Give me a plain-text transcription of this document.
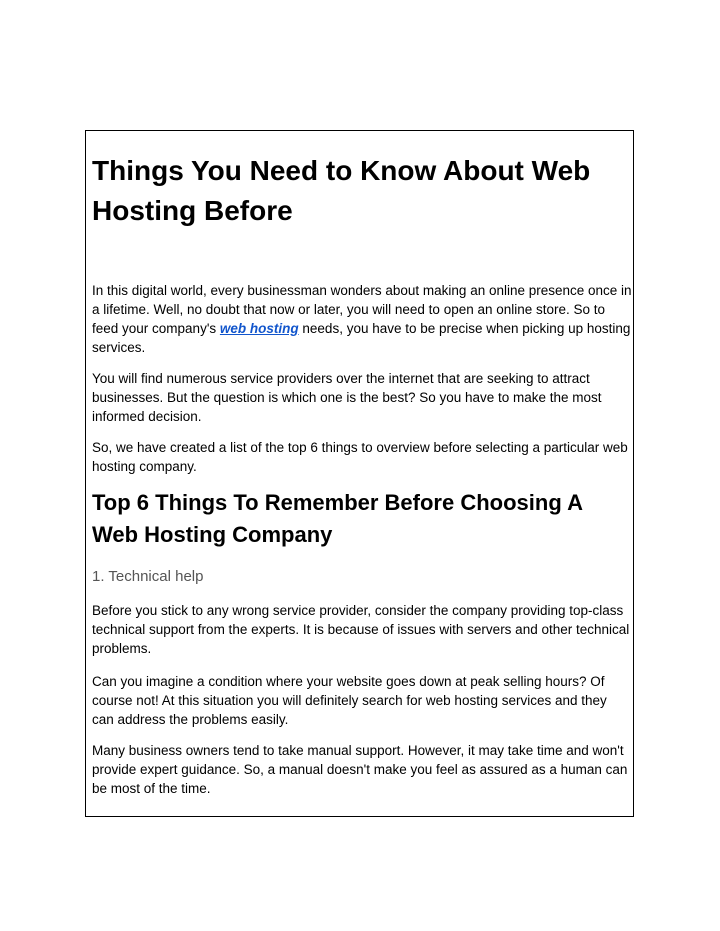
Things You Need to Know About Web Hosting Before

In this digital world, every businessman wonders about making an online presence once in a lifetime. Well, no doubt that now or later, you will need to open an online store. So to feed your company's web hosting needs, you have to be precise when picking up hosting services.

You will find numerous service providers over the internet that are seeking to attract businesses. But the question is which one is the best? So you have to make the most informed decision.

So, we have created a list of the top 6 things to overview before selecting a particular web hosting company.

Top 6 Things To Remember Before Choosing A Web Hosting Company
1. Technical help

Before you stick to any wrong service provider, consider the company providing top-class technical support from the experts. It is because of issues with servers and other technical problems.

Can you imagine a condition where your website goes down at peak selling hours? Of course not! At this situation you will definitely search for web hosting services and they can address the problems easily.

Many business owners tend to take manual support. However, it may take time and won't provide expert guidance. So, a manual doesn't make you feel as assured as a human can be most of the time.
